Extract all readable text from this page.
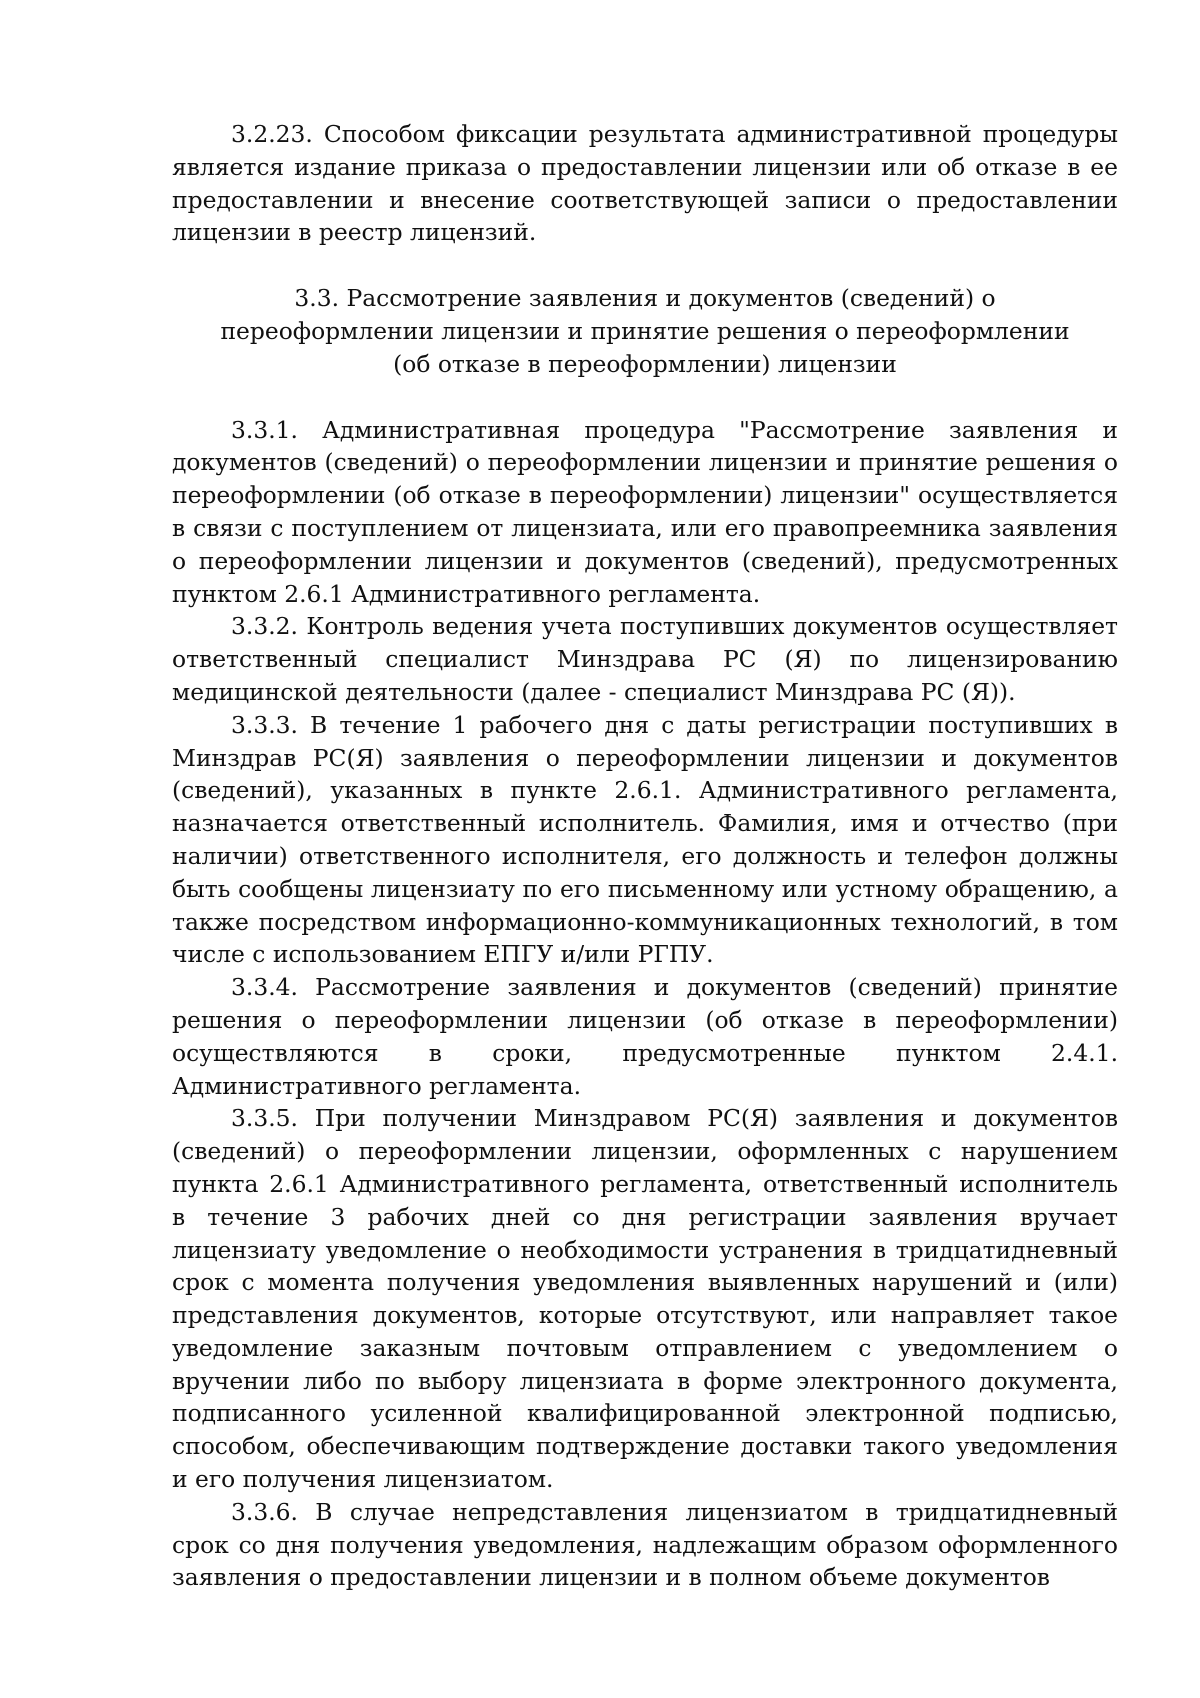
3.2.23. Способом фиксации результата административной процедуры является издание приказа о предоставлении лицензии или об отказе в ее предоставлении и внесение соответствующей записи о предоставлении лицензии в реестр лицензий.

3.3. Рассмотрение заявления и документов (сведений) о переоформлении лицензии и принятие решения о переоформлении (об отказе в переоформлении) лицензии

3.3.1. Административная процедура "Рассмотрение заявления и документов (сведений) о переоформлении лицензии и принятие решения о переоформлении (об отказе в переоформлении) лицензии" осуществляется в связи с поступлением от лицензиата, или его правопреемника заявления о переоформлении лицензии и документов (сведений), предусмотренных пунктом 2.6.1 Административного регламента.

3.3.2. Контроль ведения учета поступивших документов осуществляет ответственный специалист Минздрава РС (Я) по лицензированию медицинской деятельности (далее - специалист Минздрава РС (Я)).

3.3.3. В течение 1 рабочего дня с даты регистрации поступивших в Минздрав РС(Я) заявления о переоформлении лицензии и документов (сведений), указанных в пункте 2.6.1. Административного регламента, назначается ответственный исполнитель. Фамилия, имя и отчество (при наличии) ответственного исполнителя, его должность и телефон должны быть сообщены лицензиату по его письменному или устному обращению, а также посредством информационно-коммуникационных технологий, в том числе с использованием ЕПГУ и/или РГПУ.

3.3.4. Рассмотрение заявления и документов (сведений) принятие решения о переоформлении лицензии (об отказе в переоформлении) осуществляются в сроки, предусмотренные пунктом 2.4.1. Административного регламента.

3.3.5. При получении Минздравом РС(Я) заявления и документов (сведений) о переоформлении лицензии, оформленных с нарушением пункта 2.6.1 Административного регламента, ответственный исполнитель в течение 3 рабочих дней со дня регистрации заявления вручает лицензиату уведомление о необходимости устранения в тридцатидневный срок с момента получения уведомления выявленных нарушений и (или) представления документов, которые отсутствуют, или направляет такое уведомление заказным почтовым отправлением с уведомлением о вручении либо по выбору лицензиата в форме электронного документа, подписанного усиленной квалифицированной электронной подписью, способом, обеспечивающим подтверждение доставки такого уведомления и его получения лицензиатом.

3.3.6. В случае непредставления лицензиатом в тридцатидневный срок со дня получения уведомления, надлежащим образом оформленного заявления о предоставлении лицензии и в полном объеме документов
